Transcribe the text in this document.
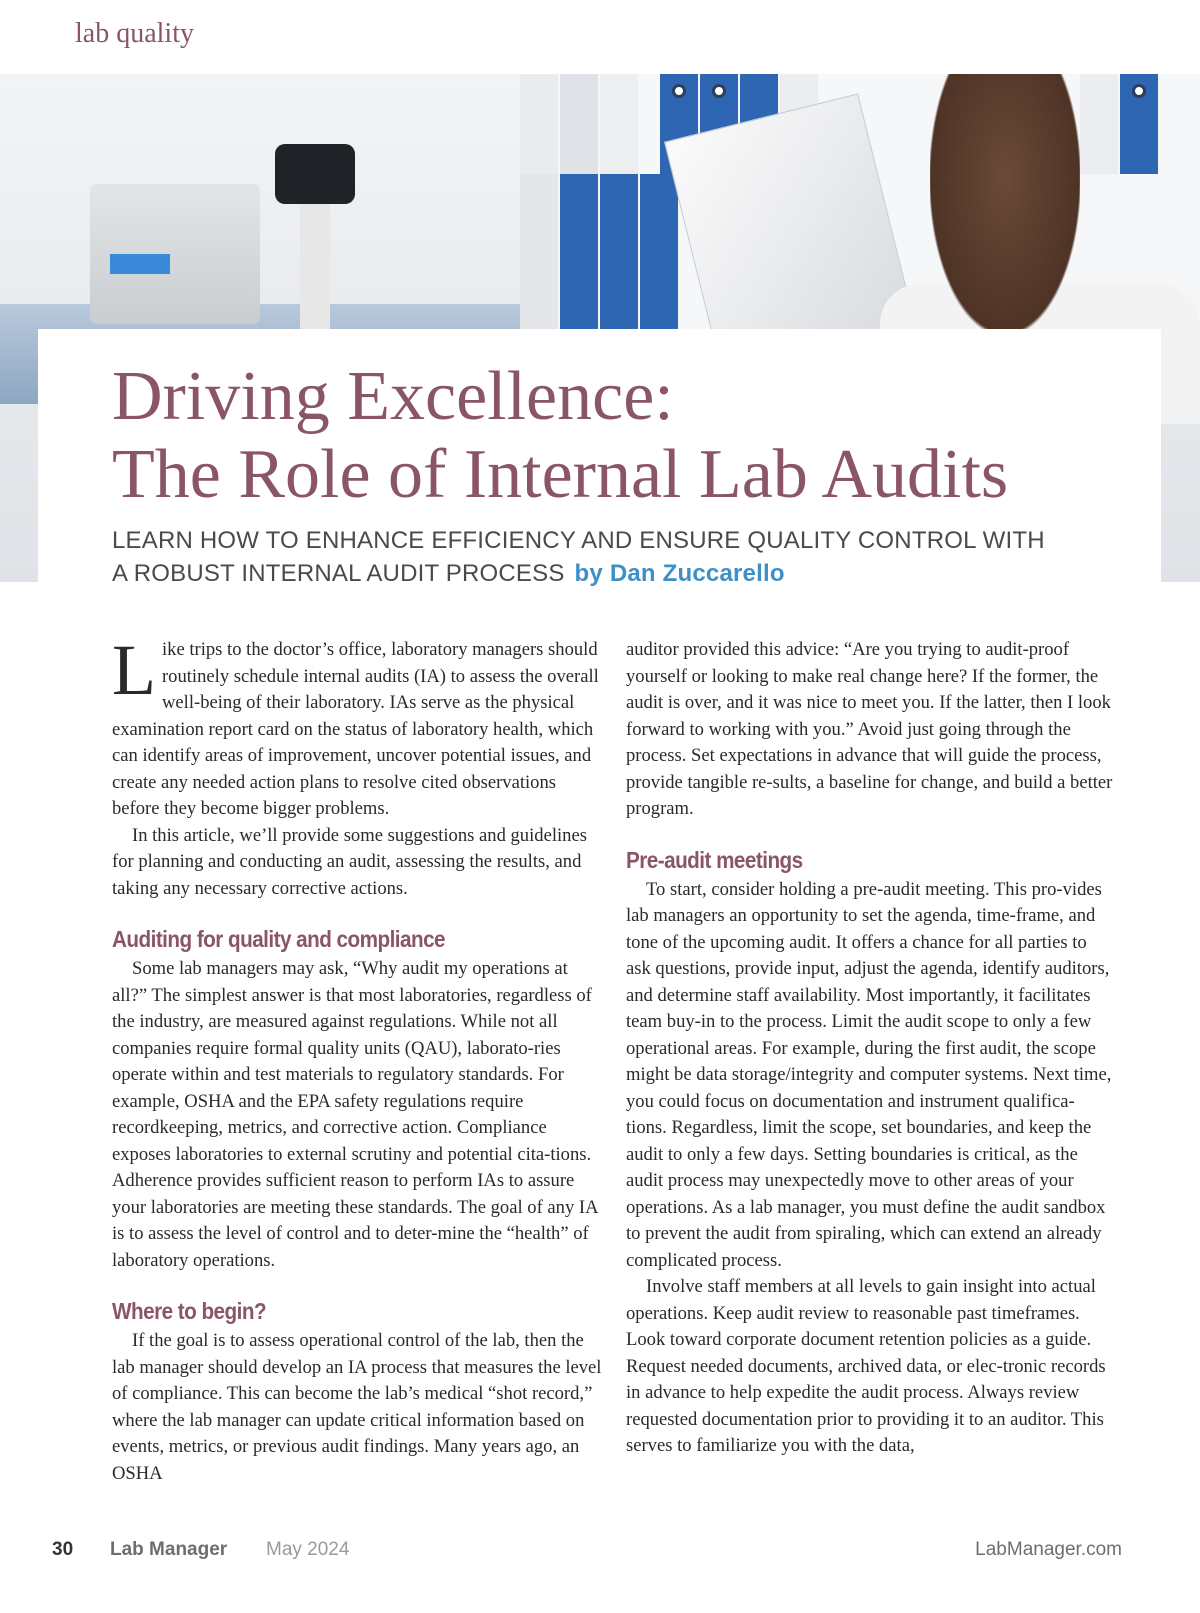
lab quality
Driving Excellence:
The Role of Internal Lab Audits
LEARN HOW TO ENHANCE EFFICIENCY AND ENSURE QUALITY CONTROL WITH
A ROBUST INTERNAL AUDIT PROCESS by Dan Zuccarello

Like trips to the doctor’s office, laboratory managers should routinely schedule internal audits (IA) to assess the overall well-being of their laboratory. IAs serve as the physical examination report card on the status of laboratory health, which can identify areas of improvement, uncover potential issues, and create any needed action plans to resolve cited observations before they become bigger problems.

In this article, we’ll provide some suggestions and guidelines for planning and conducting an audit, assessing the results, and taking any necessary corrective actions.

Auditing for quality and compliance

Some lab managers may ask, “Why audit my operations at all?” The simplest answer is that most laboratories, regardless of the industry, are measured against regulations. While not all companies require formal quality units (QAU), laborato-ries operate within and test materials to regulatory standards. For example, OSHA and the EPA safety regulations require recordkeeping, metrics, and corrective action. Compliance exposes laboratories to external scrutiny and potential cita-tions. Adherence provides sufficient reason to perform IAs to assure your laboratories are meeting these standards. The goal of any IA is to assess the level of control and to deter-mine the “health” of laboratory operations.

Where to begin?

If the goal is to assess operational control of the lab, then the lab manager should develop an IA process that measures the level of compliance. This can become the lab’s medical “shot record,” where the lab manager can update critical information based on events, metrics, or previous audit findings. Many years ago, an OSHA

auditor provided this advice: “Are you trying to audit-proof yourself or looking to make real change here? If the former, the audit is over, and it was nice to meet you. If the latter, then I look forward to working with you.” Avoid just going through the process. Set expectations in advance that will guide the process, provide tangible re-sults, a baseline for change, and build a better program.

Pre-audit meetings

To start, consider holding a pre-audit meeting. This pro-vides lab managers an opportunity to set the agenda, time-frame, and tone of the upcoming audit. It offers a chance for all parties to ask questions, provide input, adjust the agenda, identify auditors, and determine staff availability. Most importantly, it facilitates team buy-in to the process. Limit the audit scope to only a few operational areas. For example, during the first audit, the scope might be data storage/integrity and computer systems. Next time, you could focus on documentation and instrument qualifica-tions. Regardless, limit the scope, set boundaries, and keep the audit to only a few days. Setting boundaries is critical, as the audit process may unexpectedly move to other areas of your operations. As a lab manager, you must define the audit sandbox to prevent the audit from spiraling, which can extend an already complicated process.

Involve staff members at all levels to gain insight into actual operations. Keep audit review to reasonable past timeframes. Look toward corporate document retention policies as a guide. Request needed documents, archived data, or elec-tronic records in advance to help expedite the audit process. Always review requested documentation prior to providing it to an auditor. This serves to familiarize you with the data,

30 Lab Manager May 2024	LabManager.com
